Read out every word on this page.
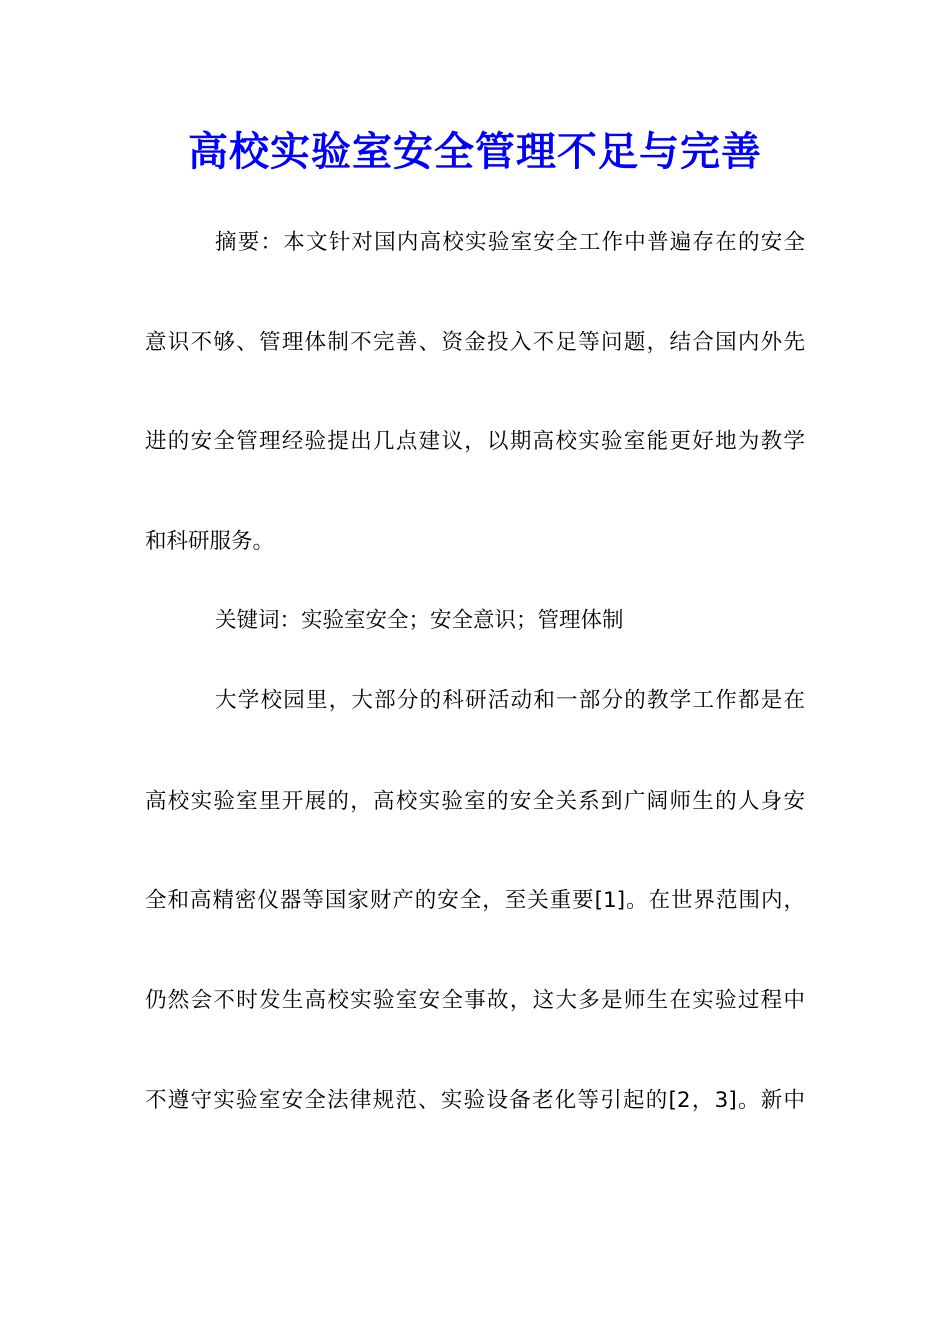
高校实验室安全管理不足与完善
摘要：本文针对国内高校实验室安全工作中普遍存在的安全
意识不够、管理体制不完善、资金投入不足等问题，结合国内外先
进的安全管理经验提出几点建议，以期高校实验室能更好地为教学
和科研服务。
关键词：实验室安全；安全意识；管理体制
大学校园里，大部分的科研活动和一部分的教学工作都是在
高校实验室里开展的，高校实验室的安全关系到广阔师生的人身安
全和高精密仪器等国家财产的安全，至关重要[1]。在世界范围内，
仍然会不时发生高校实验室安全事故，这大多是师生在实验过程中
不遵守实验室安全法律规范、实验设备老化等引起的[2，3]。新中
